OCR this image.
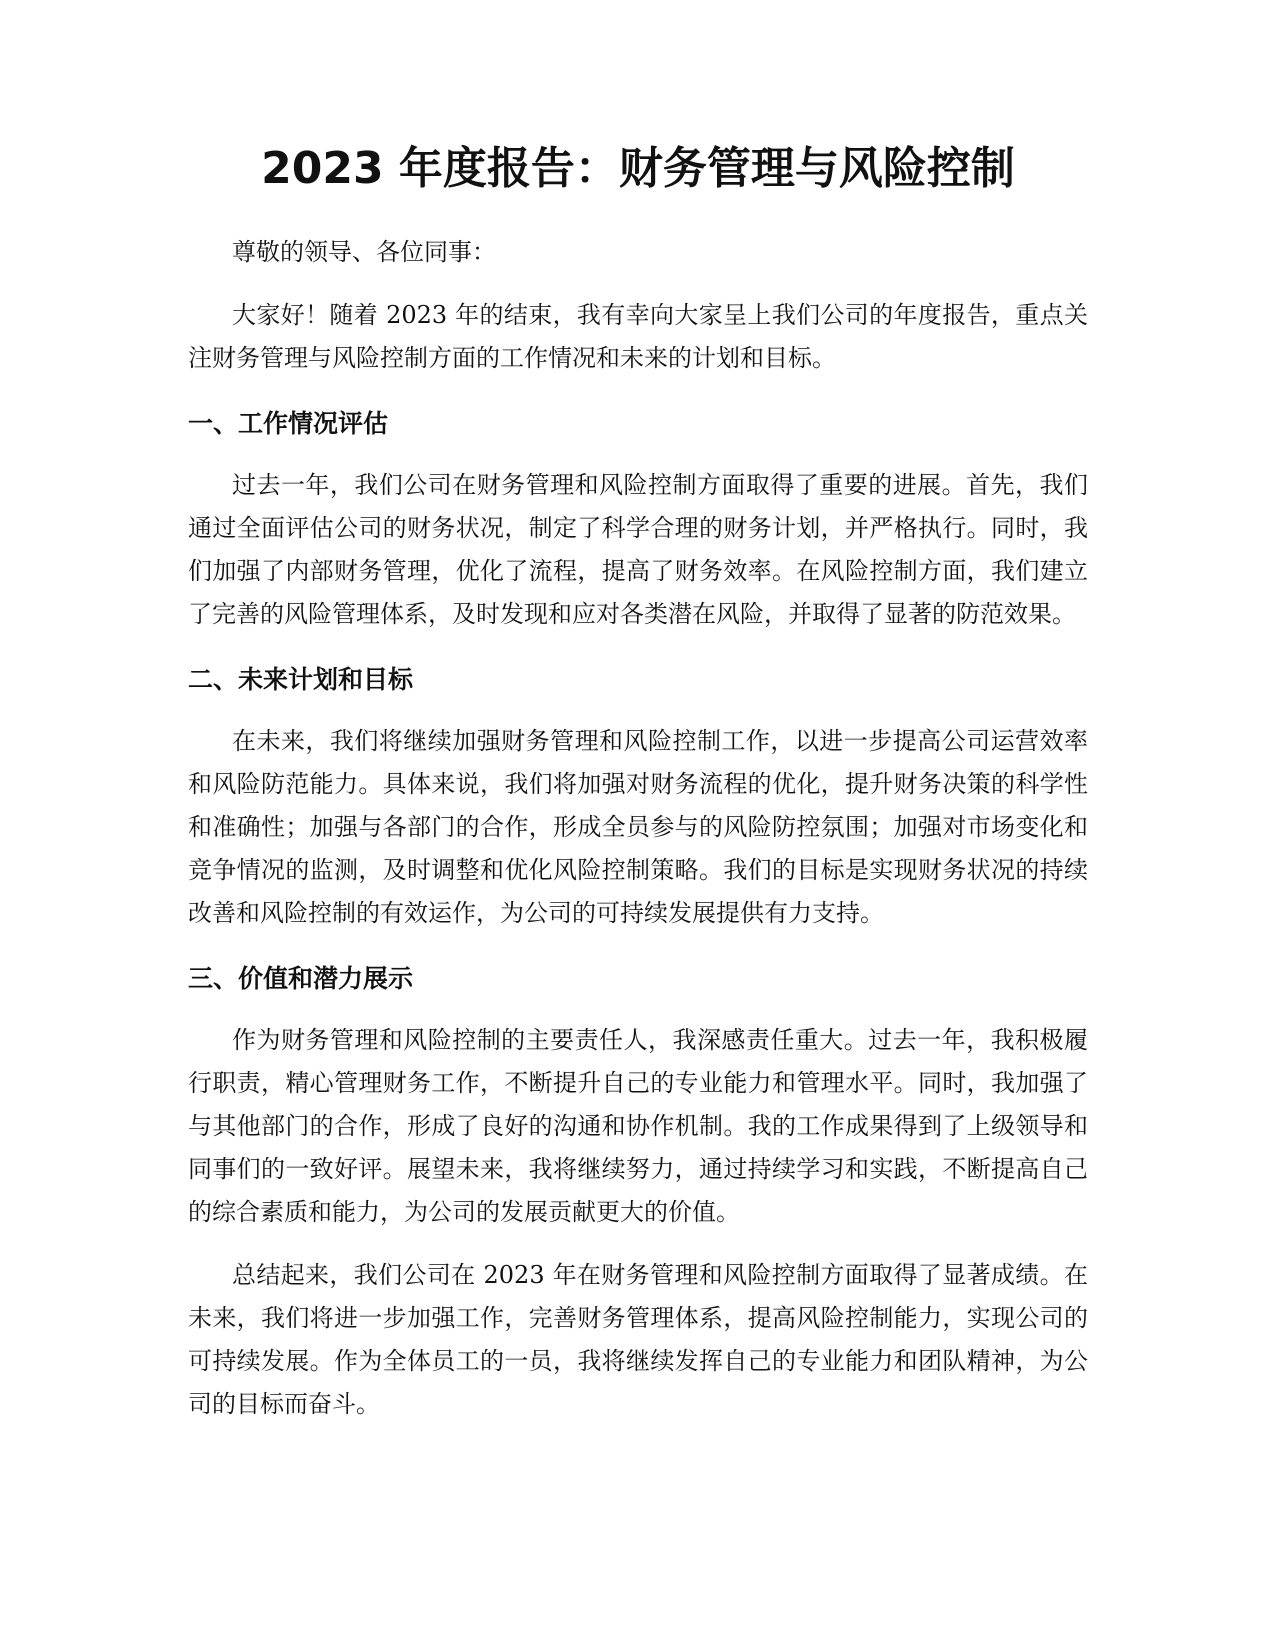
2023 年度报告：财务管理与风险控制

尊敬的领导、各位同事：

大家好！随着 2023 年的结束，我有幸向大家呈上我们公司的年度报告，重点关注财务管理与风险控制方面的工作情况和未来的计划和目标。

一、工作情况评估

过去一年，我们公司在财务管理和风险控制方面取得了重要的进展。首先，我们通过全面评估公司的财务状况，制定了科学合理的财务计划，并严格执行。同时，我们加强了内部财务管理，优化了流程，提高了财务效率。在风险控制方面，我们建立了完善的风险管理体系，及时发现和应对各类潜在风险，并取得了显著的防范效果。

二、未来计划和目标

在未来，我们将继续加强财务管理和风险控制工作，以进一步提高公司运营效率和风险防范能力。具体来说，我们将加强对财务流程的优化，提升财务决策的科学性和准确性；加强与各部门的合作，形成全员参与的风险防控氛围；加强对市场变化和竞争情况的监测，及时调整和优化风险控制策略。我们的目标是实现财务状况的持续改善和风险控制的有效运作，为公司的可持续发展提供有力支持。

三、价值和潜力展示

作为财务管理和风险控制的主要责任人，我深感责任重大。过去一年，我积极履行职责，精心管理财务工作，不断提升自己的专业能力和管理水平。同时，我加强了与其他部门的合作，形成了良好的沟通和协作机制。我的工作成果得到了上级领导和同事们的一致好评。展望未来，我将继续努力，通过持续学习和实践，不断提高自己的综合素质和能力，为公司的发展贡献更大的价值。

总结起来，我们公司在 2023 年在财务管理和风险控制方面取得了显著成绩。在未来，我们将进一步加强工作，完善财务管理体系，提高风险控制能力，实现公司的可持续发展。作为全体员工的一员，我将继续发挥自己的专业能力和团队精神，为公司的目标而奋斗。
